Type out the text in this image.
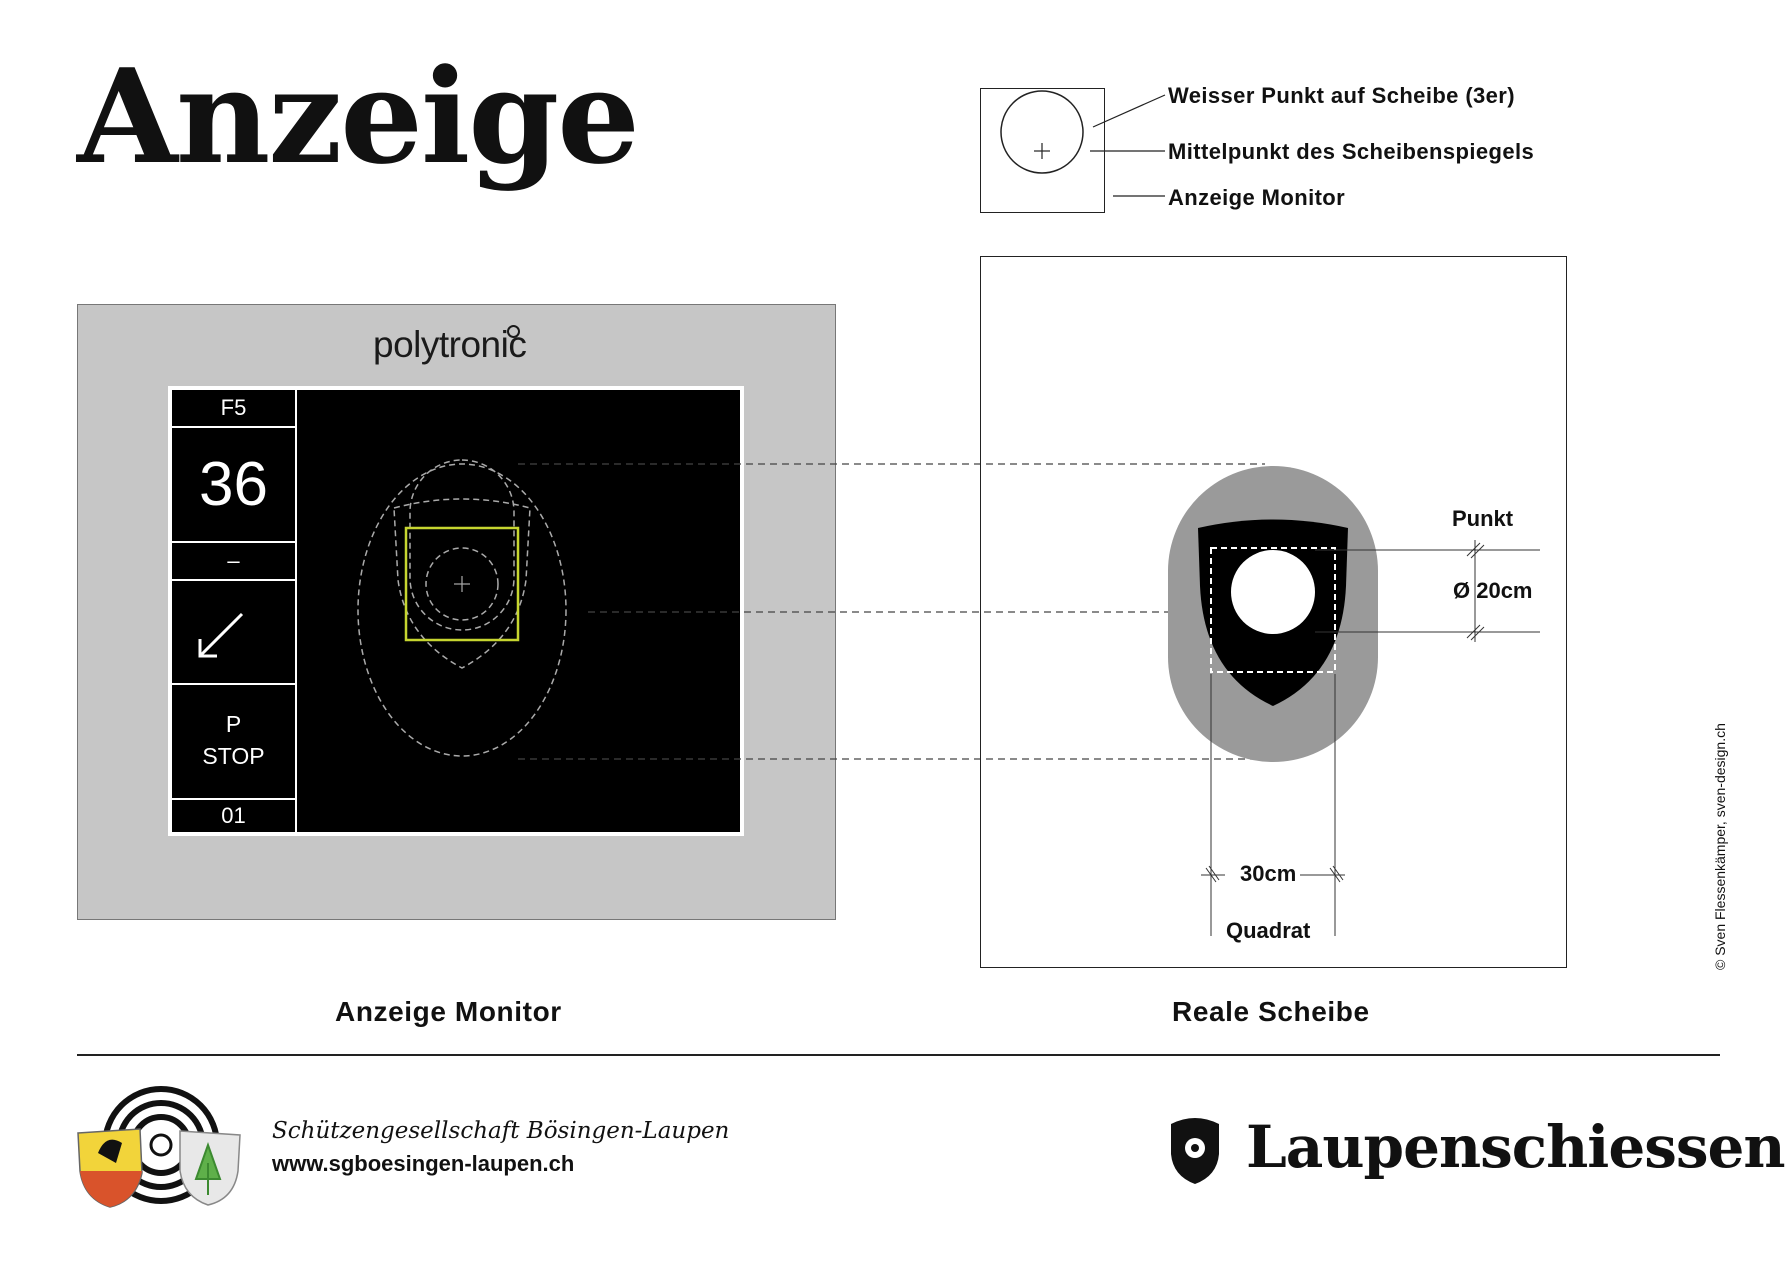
Anzeige	Weisser Punkt auf Scheibe (3er)
Mittelpunkt des Scheibenspiegels
Anzeige Monitor
polytronic
F5
36
–
P
STOP
01
Anzeige Monitor
Punkt
Ø 20cm
30cm
Quadrat
Reale Scheibe
© Sven Flessenkämper, sven-design.ch
Schützengesellschaft Bösingen-Laupen
www.sgboesingen-laupen.ch	Laupenschiessen
